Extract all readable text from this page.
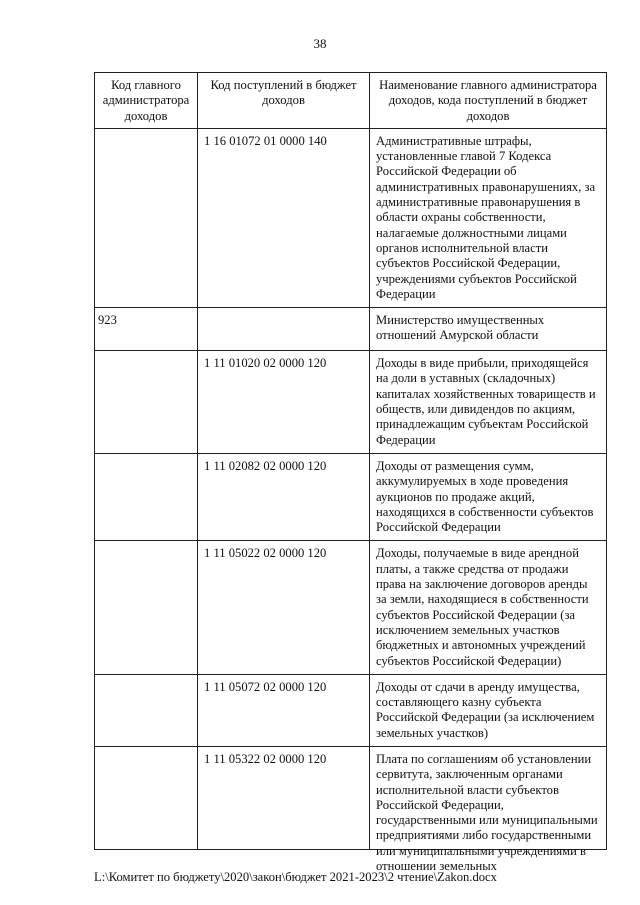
38
Код главного администратора доходов	Код поступлений в бюджет доходов	Наименование главного администратора доходов, кода поступлений в бюджет доходов
	1 16 01072 01 0000 140	Административные штрафы, установленные главой 7 Кодекса Российской Федерации об административных правонарушениях, за административные правонарушения в области охраны собственности, налагаемые должностными лицами органов исполнительной власти субъектов Российской Федерации, учреждениями субъектов Российской Федерации
923		Министерство имущественных отношений Амурской области
	1 11 01020 02 0000 120	Доходы в виде прибыли, приходящейся на доли в уставных (складочных) капиталах хозяйственных товариществ и обществ, или дивидендов по акциям, принадлежащим субъектам Российской Федерации
	1 11 02082 02 0000 120	Доходы от размещения сумм, аккумулируемых в ходе проведения аукционов по продаже акций, находящихся в собственности субъектов Российской Федерации
	1 11 05022 02 0000 120	Доходы, получаемые в виде арендной платы, а также средства от продажи права на заключение договоров аренды за земли, находящиеся в собственности субъектов Российской Федерации (за исключением земельных участков бюджетных и автономных учреждений субъектов Российской Федерации)
	1 11 05072 02 0000 120	Доходы от сдачи в аренду имущества, составляющего казну субъекта Российской Федерации (за исключением земельных участков)
	1 11 05322 02 0000 120	Плата по соглашениям об установлении сервитута, заключенным органами исполнительной власти субъектов Российской Федерации, государственными или муниципальными предприятиями либо государственными или муниципальными учреждениями в отношении земельных
L:\Комитет по бюджету\2020\закон\бюджет 2021-2023\2 чтение\Zakon.docx
